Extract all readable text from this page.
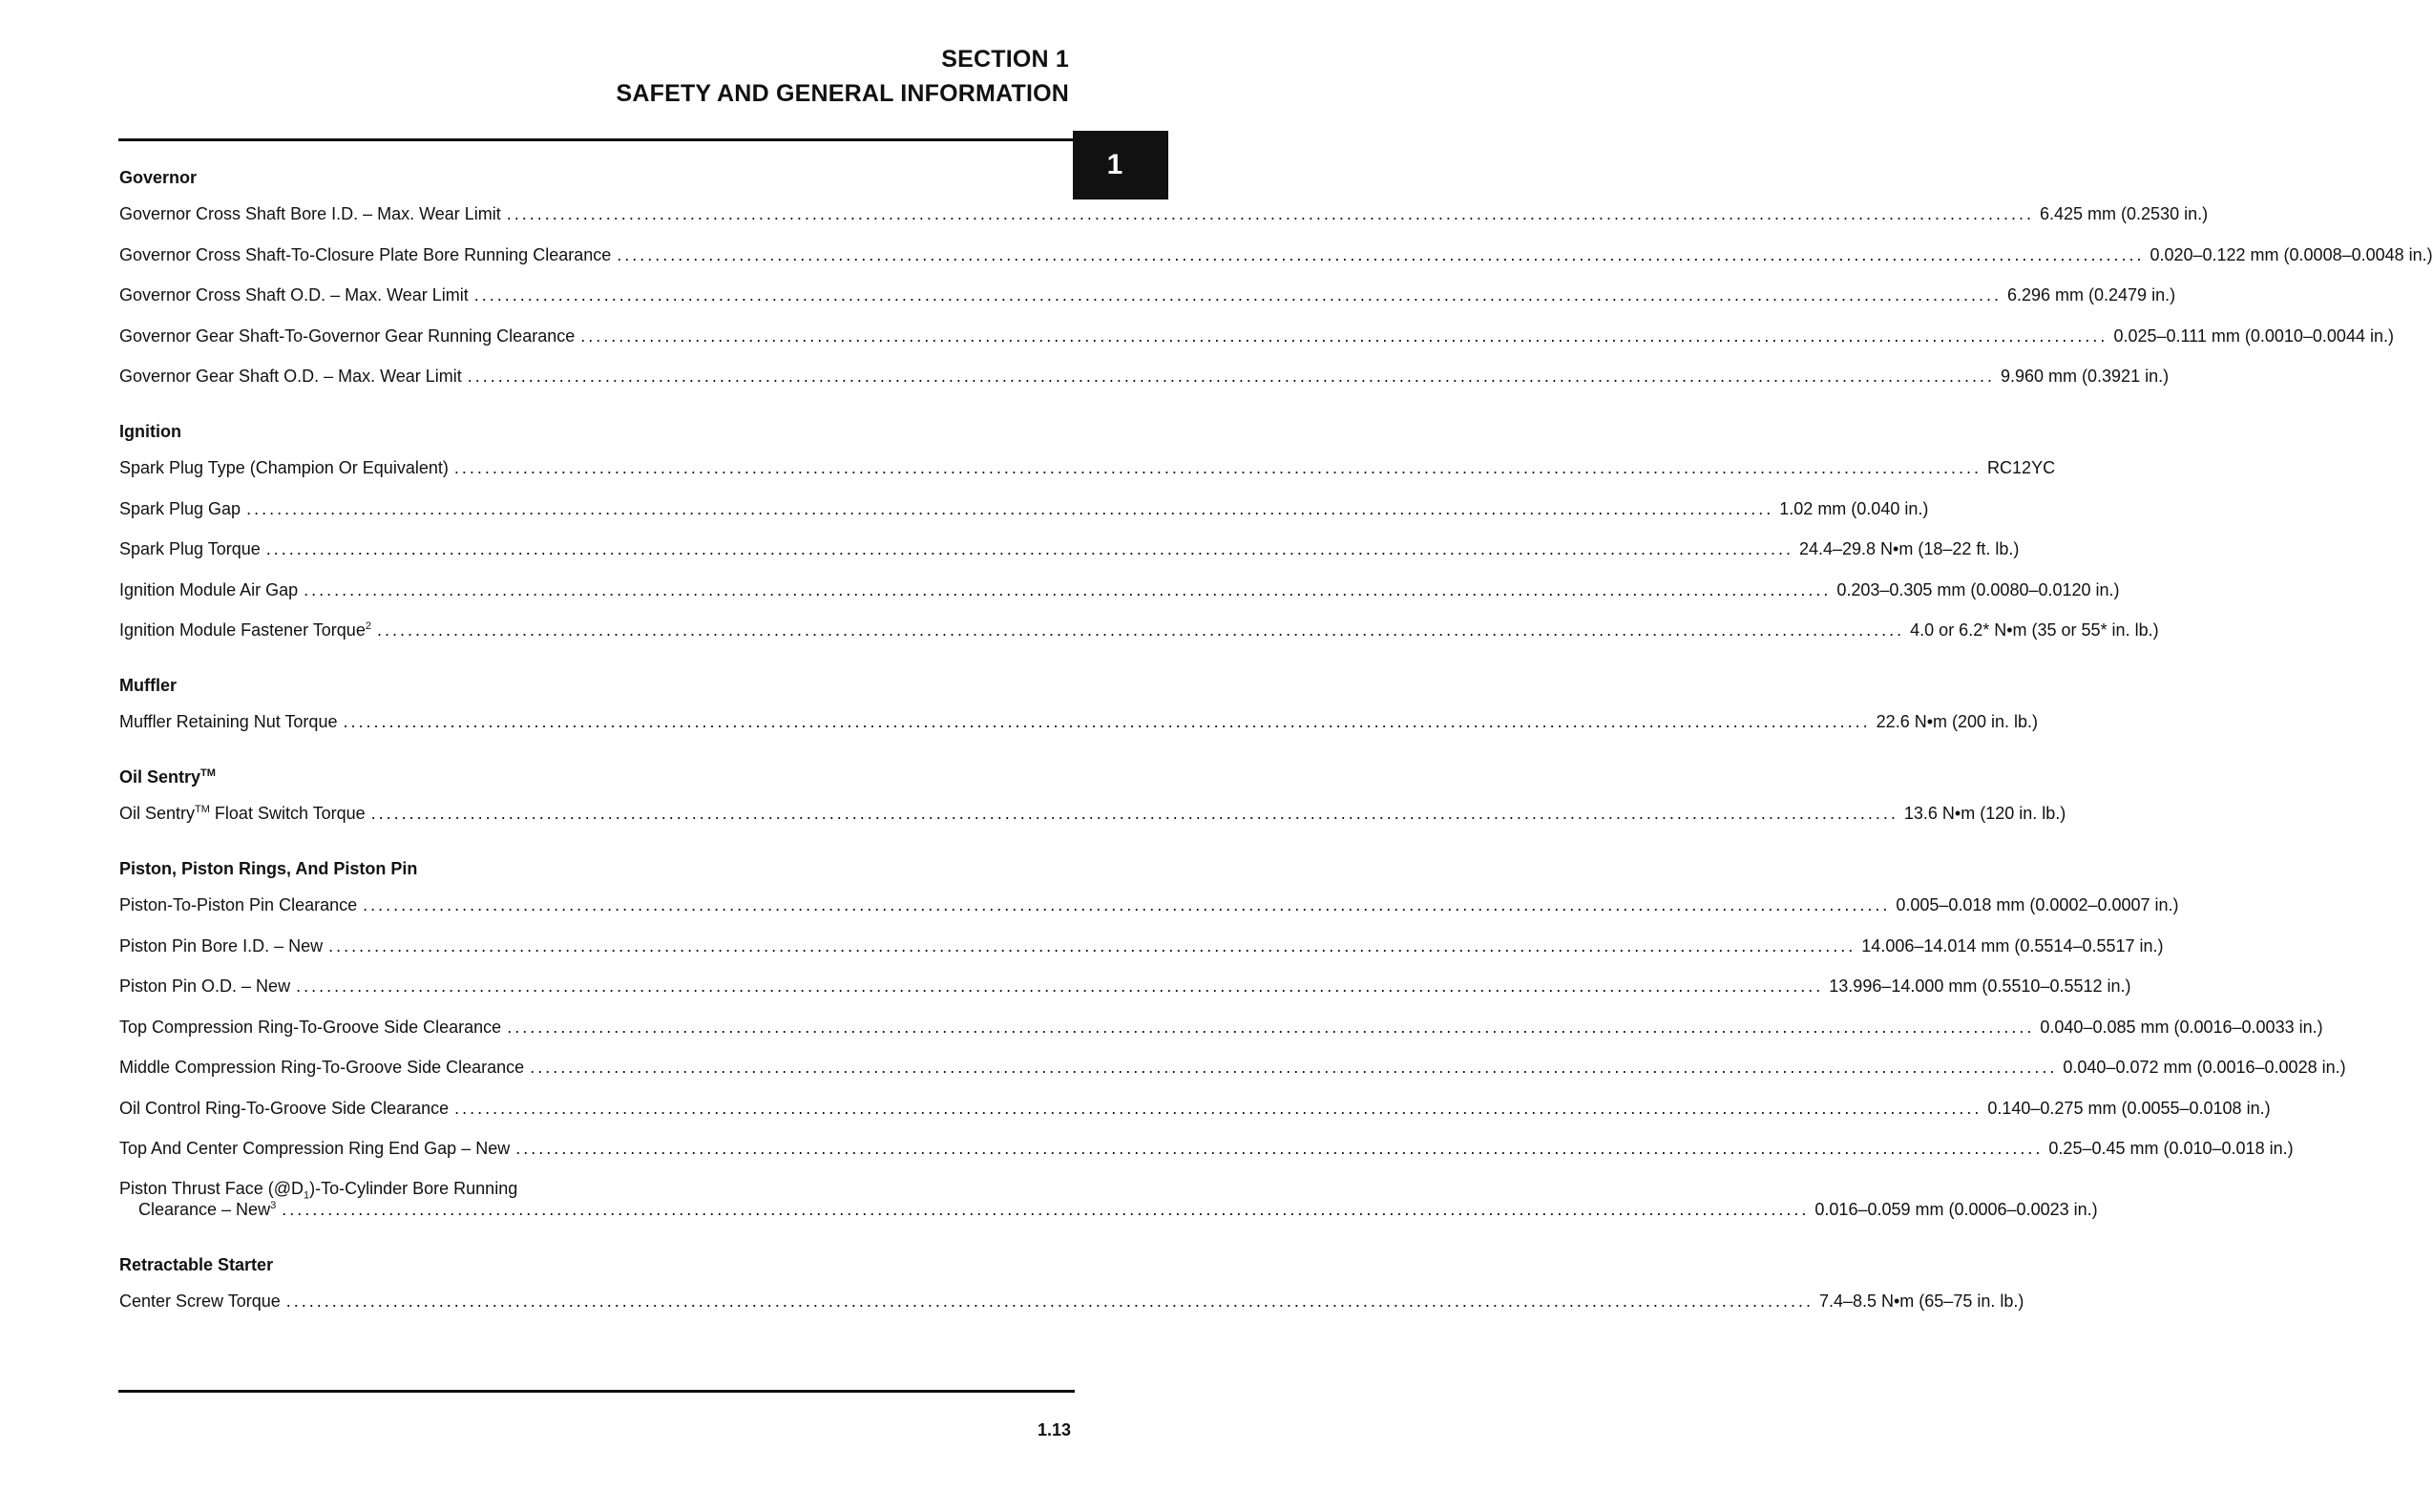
SECTION 1
SAFETY AND GENERAL INFORMATION
1
Governor
Governor Cross Shaft Bore I.D. – Max. Wear Limit ........................................................................................................................................................................................................ 6.425 mm (0.2530 in.)
Governor Cross Shaft-To-Closure Plate Bore Running Clearance ........................................................................................................................................................................................................ 0.020–0.122 mm (0.0008–0.0048 in.)
Governor Cross Shaft O.D. – Max. Wear Limit ........................................................................................................................................................................................................ 6.296 mm (0.2479 in.)
Governor Gear Shaft-To-Governor Gear Running Clearance ........................................................................................................................................................................................................ 0.025–0.111 mm (0.0010–0.0044 in.)
Governor Gear Shaft O.D. – Max. Wear Limit ........................................................................................................................................................................................................ 9.960 mm (0.3921 in.)
Ignition
Spark Plug Type (Champion Or Equivalent) ........................................................................................................................................................................................................ RC12YC
Spark Plug Gap ........................................................................................................................................................................................................ 1.02 mm (0.040 in.)
Spark Plug Torque ........................................................................................................................................................................................................ 24.4–29.8 N•m (18–22 ft. lb.)
Ignition Module Air Gap ........................................................................................................................................................................................................ 0.203–0.305 mm (0.0080–0.0120 in.)
Ignition Module Fastener Torque$^2$ ........................................................................................................................................................................................................ 4.0 or 6.2* N•m (35 or 55* in. lb.)
Muffler
Muffler Retaining Nut Torque ........................................................................................................................................................................................................ 22.6 N•m (200 in. lb.)
Oil Sentry™
Oil Sentry™ Float Switch Torque ........................................................................................................................................................................................................ 13.6 N•m (120 in. lb.)
Piston, Piston Rings, And Piston Pin
Piston-To-Piston Pin Clearance ........................................................................................................................................................................................................ 0.005–0.018 mm (0.0002–0.0007 in.)
Piston Pin Bore I.D. – New ........................................................................................................................................................................................................ 14.006–14.014 mm (0.5514–0.5517 in.)
Piston Pin O.D. – New ........................................................................................................................................................................................................ 13.996–14.000 mm (0.5510–0.5512 in.)
Top Compression Ring-To-Groove Side Clearance ........................................................................................................................................................................................................ 0.040–0.085 mm (0.0016–0.0033 in.)
Middle Compression Ring-To-Groove Side Clearance ........................................................................................................................................................................................................ 0.040–0.072 mm (0.0016–0.0028 in.)
Oil Control Ring-To-Groove Side Clearance ........................................................................................................................................................................................................ 0.140–0.275 mm (0.0055–0.0108 in.)
Top And Center Compression Ring End Gap – New ........................................................................................................................................................................................................ 0.25–0.45 mm (0.010–0.018 in.)
Piston Thrust Face $(@D_1)-To$-Cylinder Bore Running
Clearance – New$^3$ ........................................................................................................................................................................................................ 0.016–0.059 mm (0.0006–0.0023 in.)
Retractable Starter
Center Screw Torque ........................................................................................................................................................................................................ 7.4–8.5 N•m (65–75 in. lb.)
1.13
